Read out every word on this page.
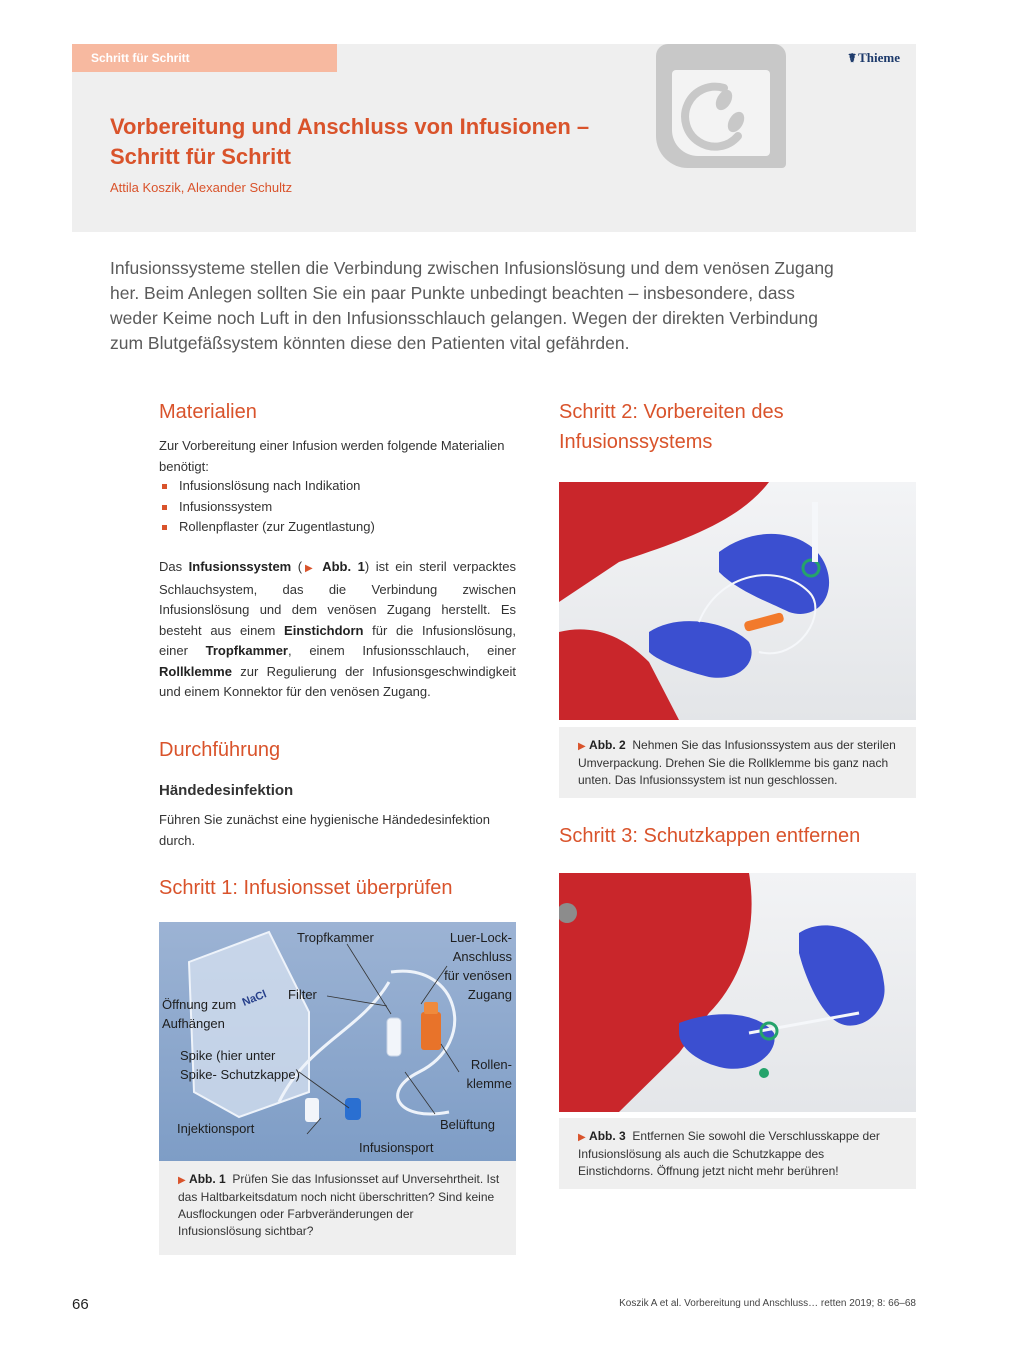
Schritt für Schritt	☤ Thieme
Vorbereitung und Anschluss von Infusionen –
Schritt für Schritt
Attila Koszik, Alexander Schultz

Infusionssysteme stellen die Verbindung zwischen Infusionslösung und dem venösen Zugang her. Beim Anlegen sollten Sie ein paar Punkte unbedingt beachten – insbesondere, dass weder Keime noch Luft in den Infusionsschlauch gelangen. Wegen der direkten Verbindung zum Blutgefäßsystem könnten diese den Patienten vital gefährden.

Materialien

Zur Vorbereitung einer Infusion werden folgende Materialien benötigt:

Infusionslösung nach Indikation
Infusionssystem
Rollenpflaster (zur Zugentlastung)

Das Infusionssystem (▶ Abb. 1) ist ein steril verpacktes Schlauchsystem, das die Verbindung zwischen Infusionslösung und dem venösen Zugang herstellt. Es besteht aus einem Einstichdorn für die Infusionslösung, einer Tropfkammer, einem Infusionsschlauch, einer Rollklemme zur Regulierung der Infusionsgeschwindigkeit und einem Konnektor für den venösen Zugang.

Durchführung
Händedesinfektion

Führen Sie zunächst eine hygienische Händedesinfektion durch.

Schritt 1: Infusionsset überprüfen
NaCl
Tropfkammer	Luer-Lock-
Anschluss
für venösen
Zugang
Filter
Öffnung zum
Aufhängen
Spike (hier unter
Spike- Schutzkappe)
Rollen-
klemme
Belüftung
Injektionsport
Infusionsport
▶ Abb. 1 Prüfen Sie das Infusionsset auf Unversehrtheit. Ist das Haltbarkeitsdatum noch nicht überschritten? Sind keine Ausflockungen oder Farbveränderungen der Infusionslösung sichtbar?
Schritt 2: Vorbereiten des Infusionssystems
▶ Abb. 2 Nehmen Sie das Infusionssystem aus der sterilen Umverpackung. Drehen Sie die Rollklemme bis ganz nach unten. Das Infusionssystem ist nun geschlossen.
Schritt 3: Schutzkappen entfernen
▶ Abb. 3 Entfernen Sie sowohl die Verschlusskappe der Infusionslösung als auch die Schutzkappe des Einstichdorns. Öffnung jetzt nicht mehr berühren!
66	Koszik A et al. Vorbereitung und Anschluss… retten 2019; 8: 66–68
